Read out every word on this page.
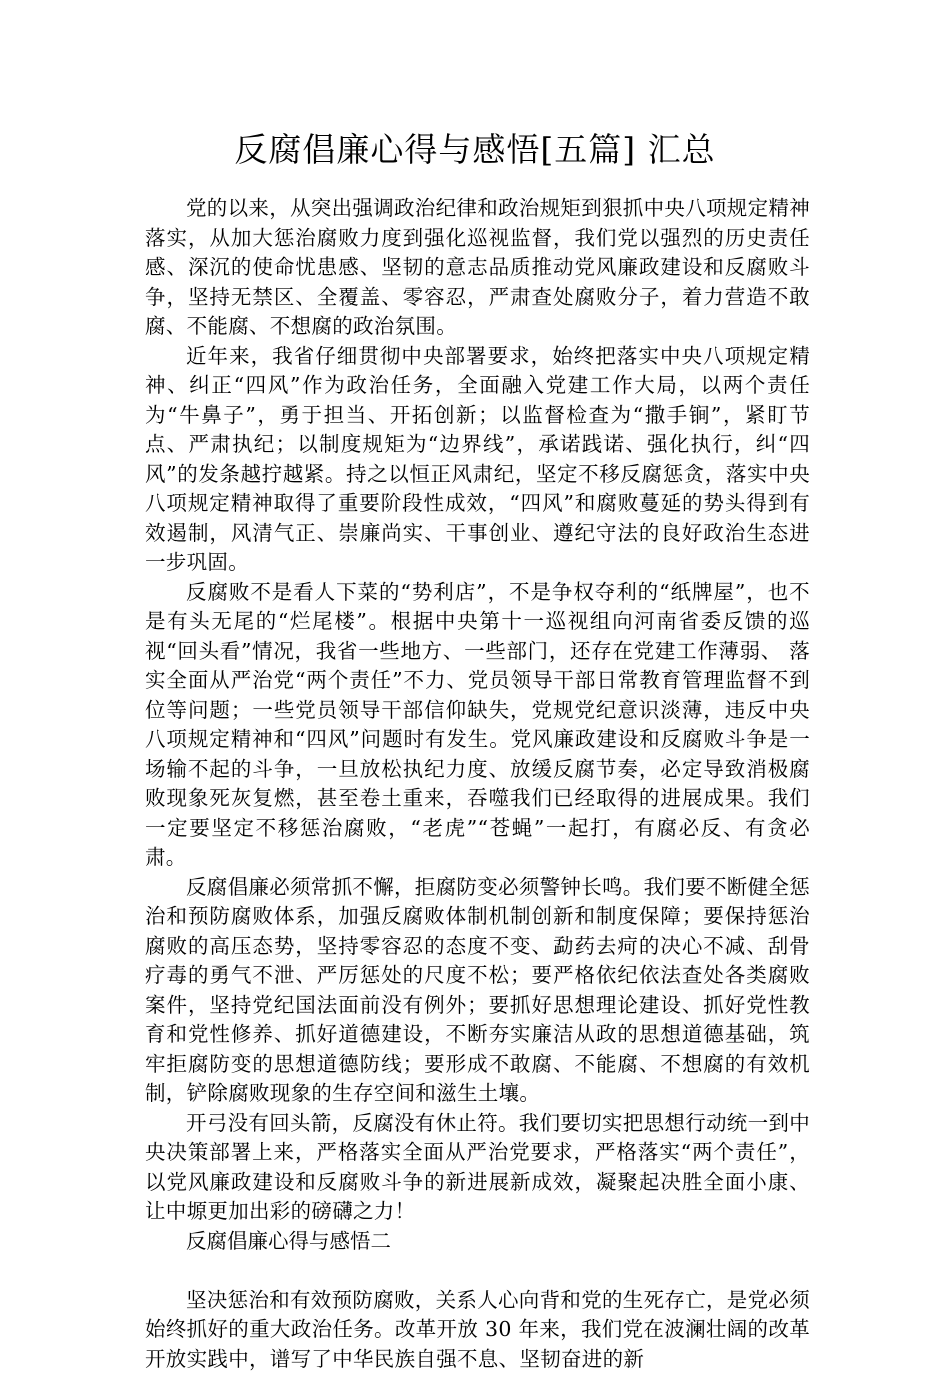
反腐倡廉心得与感悟[五篇] 汇总

党的以来，从突出强调政治纪律和政治规矩到狠抓中央八项规定精神落实，从加大惩治腐败力度到强化巡视监督，我们党以强烈的历史责任感、深沉的使命忧患感、坚韧的意志品质推动党风廉政建设和反腐败斗争，坚持无禁区、全覆盖、零容忍，严肃查处腐败分子，着力营造不敢腐、不能腐、不想腐的政治氛围。

近年来，我省仔细贯彻中央部署要求，始终把落实中央八项规定精神、纠正“四风”作为政治任务，全面融入党建工作大局，以两个责任为“牛鼻子”，勇于担当、开拓创新；以监督检查为“撒手锏”，紧盯节点、严肃执纪；以制度规矩为“边界线”，承诺践诺、强化执行，纠“四风”的发条越拧越紧。持之以恒正风肃纪，坚定不移反腐惩贪，落实中央八项规定精神取得了重要阶段性成效，“四风”和腐败蔓延的势头得到有效遏制，风清气正、崇廉尚实、干事创业、遵纪守法的良好政治生态进一步巩固。

反腐败不是看人下菜的“势利店”，不是争权夺利的“纸牌屋”，也不是有头无尾的“烂尾楼”。根据中央第十一巡视组向河南省委反馈的巡视“回头看”情况，我省一些地方、一些部门，还存在党建工作薄弱、 落实全面从严治党“两个责任”不力、党员领导干部日常教育管理监督不到位等问题；一些党员领导干部信仰缺失，党规党纪意识淡薄，违反中央八项规定精神和“四风”问题时有发生。党风廉政建设和反腐败斗争是一场输不起的斗争，一旦放松执纪力度、放缓反腐节奏，必定导致消极腐败现象死灰复燃，甚至卷土重来，吞噬我们已经取得的进展成果。我们一定要坚定不移惩治腐败，“老虎”“苍蝇”一起打，有腐必反、有贪必肃。

反腐倡廉必须常抓不懈，拒腐防变必须警钟长鸣。我们要不断健全惩治和预防腐败体系，加强反腐败体制机制创新和制度保障；要保持惩治腐败的高压态势，坚持零容忍的态度不变、勐药去疴的决心不减、刮骨疗毒的勇气不泄、严厉惩处的尺度不松；要严格依纪依法查处各类腐败案件，坚持党纪国法面前没有例外；要抓好思想理论建设、抓好党性教育和党性修养、抓好道德建设，不断夯实廉洁从政的思想道德基础，筑牢拒腐防变的思想道德防线；要形成不敢腐、不能腐、不想腐的有效机制，铲除腐败现象的生存空间和滋生土壤。

开弓没有回头箭，反腐没有休止符。我们要切实把思想行动统一到中央决策部署上来，严格落实全面从严治党要求，严格落实“两个责任”，以党风廉政建设和反腐败斗争的新进展新成效，凝聚起决胜全面小康、让中塬更加出彩的磅礴之力！

反腐倡廉心得与感悟二

坚决惩治和有效预防腐败，关系人心向背和党的生死存亡，是党必须始终抓好的重大政治任务。改革开放 30 年来，我们党在波澜壮阔的改革开放实践中，谱写了中华民族自强不息、坚韧奋进的新
